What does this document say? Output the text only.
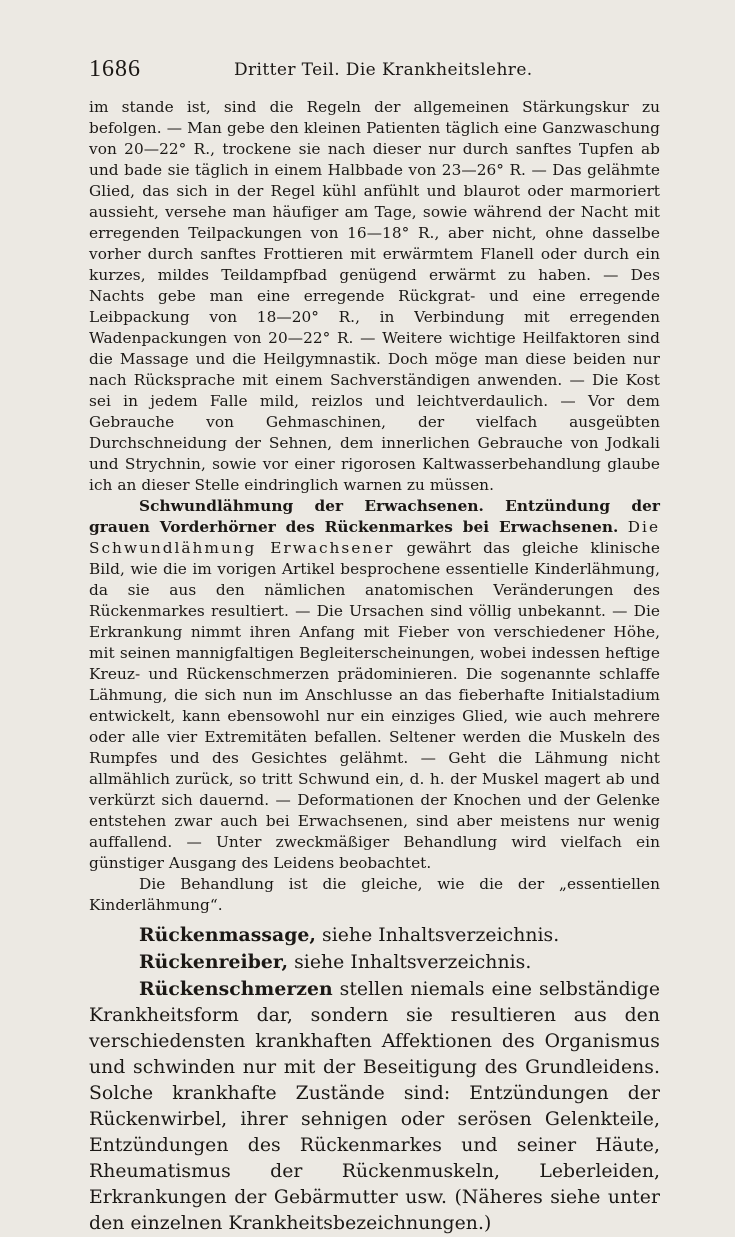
1686	Dritter Teil. Die Krankheitslehre.

im stande ist, sind die Regeln der allgemeinen Stärkungskur zu befolgen. — Man gebe den kleinen Patienten täglich eine Ganzwaschung von 20—22° R., trockene sie nach dieser nur durch sanftes Tupfen ab und bade sie täglich in einem Halbbade von 23—26° R. — Das gelähmte Glied, das sich in der Regel kühl anfühlt und blaurot oder marmoriert aussieht, versehe man häufiger am Tage, sowie während der Nacht mit erregenden Teilpackungen von 16—18° R., aber nicht, ohne dasselbe vorher durch sanftes Frottieren mit erwärmtem Flanell oder durch ein kurzes, mildes Teildampfbad genügend erwärmt zu haben. — Des Nachts gebe man eine erregende Rückgrat- und eine erregende Leibpackung von 18—20° R., in Verbindung mit erregenden Wadenpackungen von 20—22° R. — Weitere wichtige Heilfaktoren sind die Massage und die Heilgymnastik. Doch möge man diese beiden nur nach Rücksprache mit einem Sachverständigen anwenden. — Die Kost sei in jedem Falle mild, reizlos und leichtverdaulich. — Vor dem Gebrauche von Gehmaschinen, der vielfach ausgeübten Durchschneidung der Sehnen, dem innerlichen Gebrauche von Jodkali und Strychnin, sowie vor einer rigorosen Kaltwasserbehandlung glaube ich an dieser Stelle eindringlich warnen zu müssen.

Schwundlähmung der Erwachsenen. Entzündung der grauen Vorderhörner des Rückenmarkes bei Erwachsenen. Die Schwundlähmung Erwachsener gewährt das gleiche klinische Bild, wie die im vorigen Artikel besprochene essentielle Kinderlähmung, da sie aus den nämlichen anatomischen Veränderungen des Rückenmarkes resultiert. — Die Ursachen sind völlig unbekannt. — Die Erkrankung nimmt ihren Anfang mit Fieber von verschiedener Höhe, mit seinen mannigfaltigen Begleiterscheinungen, wobei indessen heftige Kreuz- und Rückenschmerzen prädominieren. Die sogenannte schlaffe Lähmung, die sich nun im Anschlusse an das fieberhafte Initialstadium entwickelt, kann ebensowohl nur ein einziges Glied, wie auch mehrere oder alle vier Extremitäten befallen. Seltener werden die Muskeln des Rumpfes und des Gesichtes gelähmt. — Geht die Lähmung nicht allmählich zurück, so tritt Schwund ein, d. h. der Muskel magert ab und verkürzt sich dauernd. — Deformationen der Knochen und der Gelenke entstehen zwar auch bei Erwachsenen, sind aber meistens nur wenig auffallend. — Unter zweckmäßiger Behandlung wird vielfach ein günstiger Ausgang des Leidens beobachtet.

Die Behandlung ist die gleiche, wie die der „essentiellen Kinderlähmung“.

Rückenmassage, siehe Inhaltsverzeichnis.

Rückenreiber, siehe Inhaltsverzeichnis.

Rückenschmerzen stellen niemals eine selbständige Krankheitsform dar, sondern sie resultieren aus den verschiedensten krankhaften Affektionen des Organismus und schwinden nur mit der Beseitigung des Grundleidens. Solche krankhafte Zustände sind: Entzündungen der Rückenwirbel, ihrer sehnigen oder serösen Gelenkteile, Entzündungen des Rückenmarkes und seiner Häute, Rheumatismus der Rückenmuskeln, Leberleiden, Erkrankungen der Gebärmutter usw. (Näheres siehe unter den einzelnen Krankheitsbezeichnungen.)
